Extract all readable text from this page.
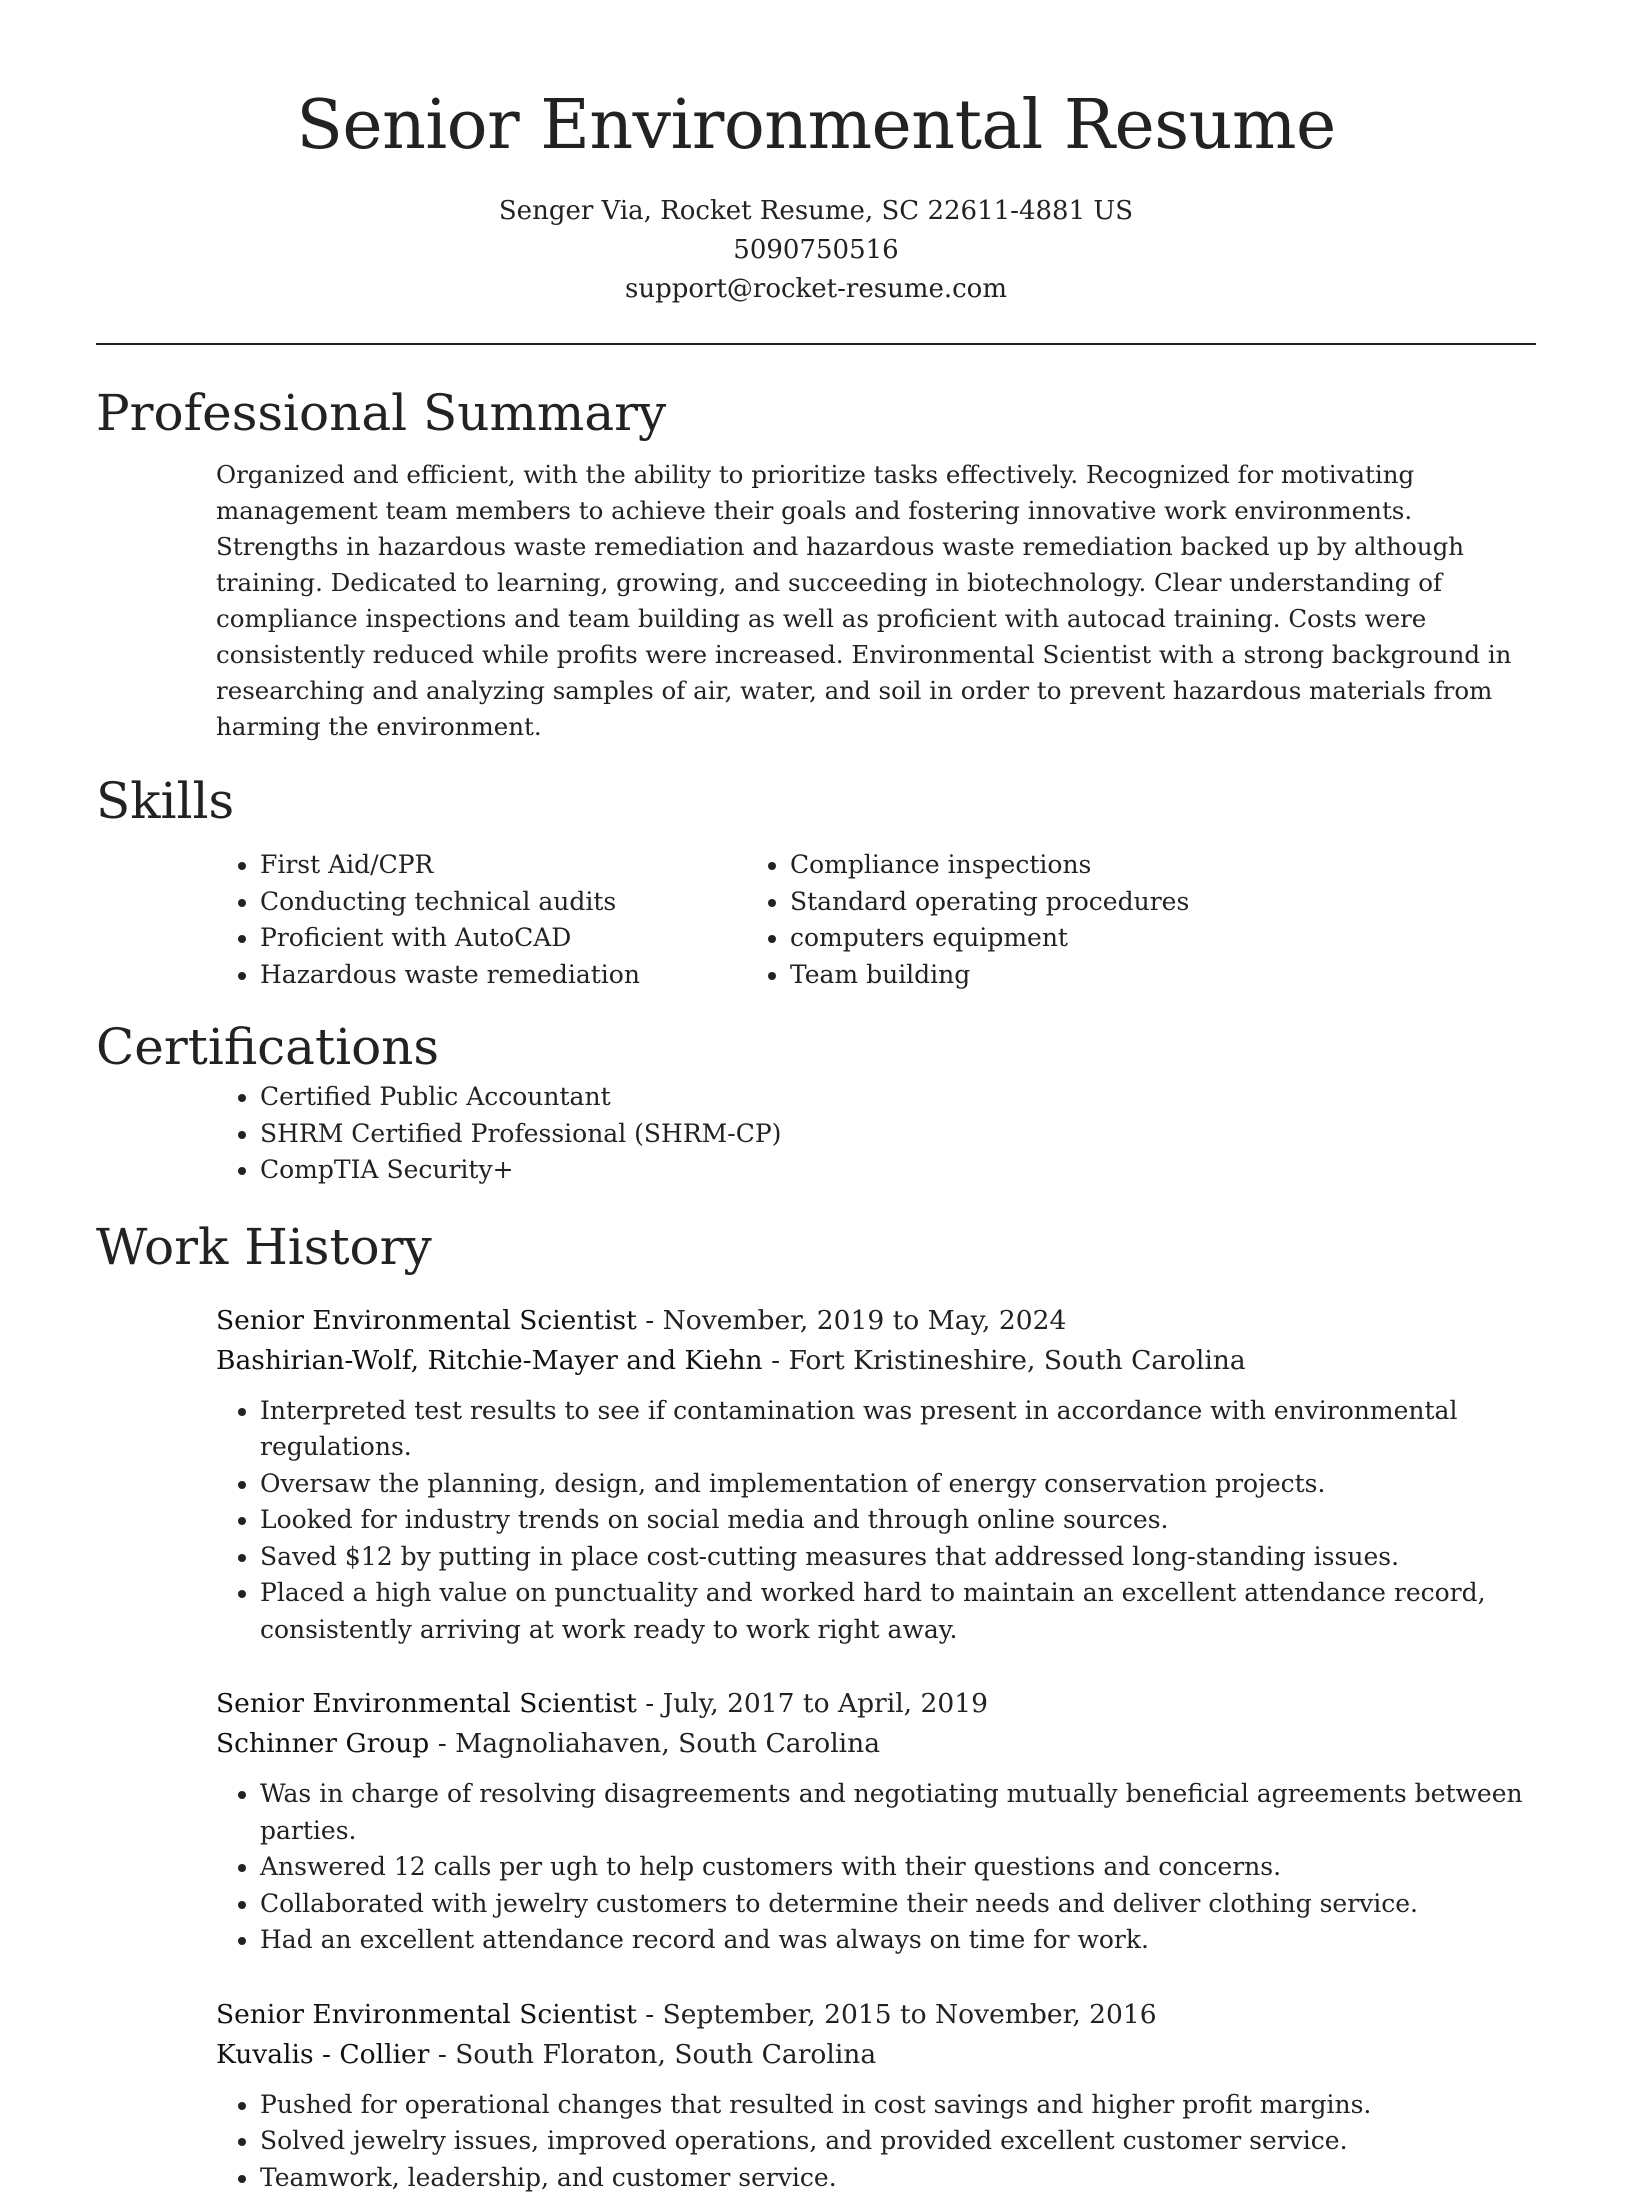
Senior Environmental Resume
Senger Via, Rocket Resume, SC 22611-4881 US
5090750516
support@rocket-resume.com
Professional Summary

Organized and efficient, with the ability to prioritize tasks effectively. Recognized for motivating management team members to achieve their goals and fostering innovative work environments. Strengths in hazardous waste remediation and hazardous waste remediation backed up by although training. Dedicated to learning, growing, and succeeding in biotechnology. Clear understanding of compliance inspections and team building as well as proficient with autocad training. Costs were consistently reduced while profits were increased. Environmental Scientist with a strong background in researching and analyzing samples of air, water, and soil in order to prevent hazardous materials from harming the environment.

Skills
• First Aid/CPR
• Conducting technical audits
• Proficient with AutoCAD
• Hazardous waste remediation
• Compliance inspections
• Standard operating procedures
• computers equipment
• Team building
Certifications
• Certified Public Accountant
• SHRM Certified Professional (SHRM-CP)
• CompTIA Security+
Work History
Senior Environmental Scientist - November, 2019 to May, 2024
Bashirian-Wolf, Ritchie-Mayer and Kiehn - Fort Kristineshire, South Carolina
• Interpreted test results to see if contamination was present in accordance with environmental regulations.
• Oversaw the planning, design, and implementation of energy conservation projects.
• Looked for industry trends on social media and through online sources.
• Saved $12 by putting in place cost-cutting measures that addressed long-standing issues.
• Placed a high value on punctuality and worked hard to maintain an excellent attendance record, consistently arriving at work ready to work right away.
Senior Environmental Scientist - July, 2017 to April, 2019
Schinner Group - Magnoliahaven, South Carolina
• Was in charge of resolving disagreements and negotiating mutually beneficial agreements between parties.
• Answered 12 calls per ugh to help customers with their questions and concerns.
• Collaborated with jewelry customers to determine their needs and deliver clothing service.
• Had an excellent attendance record and was always on time for work.
Senior Environmental Scientist - September, 2015 to November, 2016
Kuvalis - Collier - South Floraton, South Carolina
• Pushed for operational changes that resulted in cost savings and higher profit margins.
• Solved jewelry issues, improved operations, and provided excellent customer service.
• Teamwork, leadership, and customer service.
